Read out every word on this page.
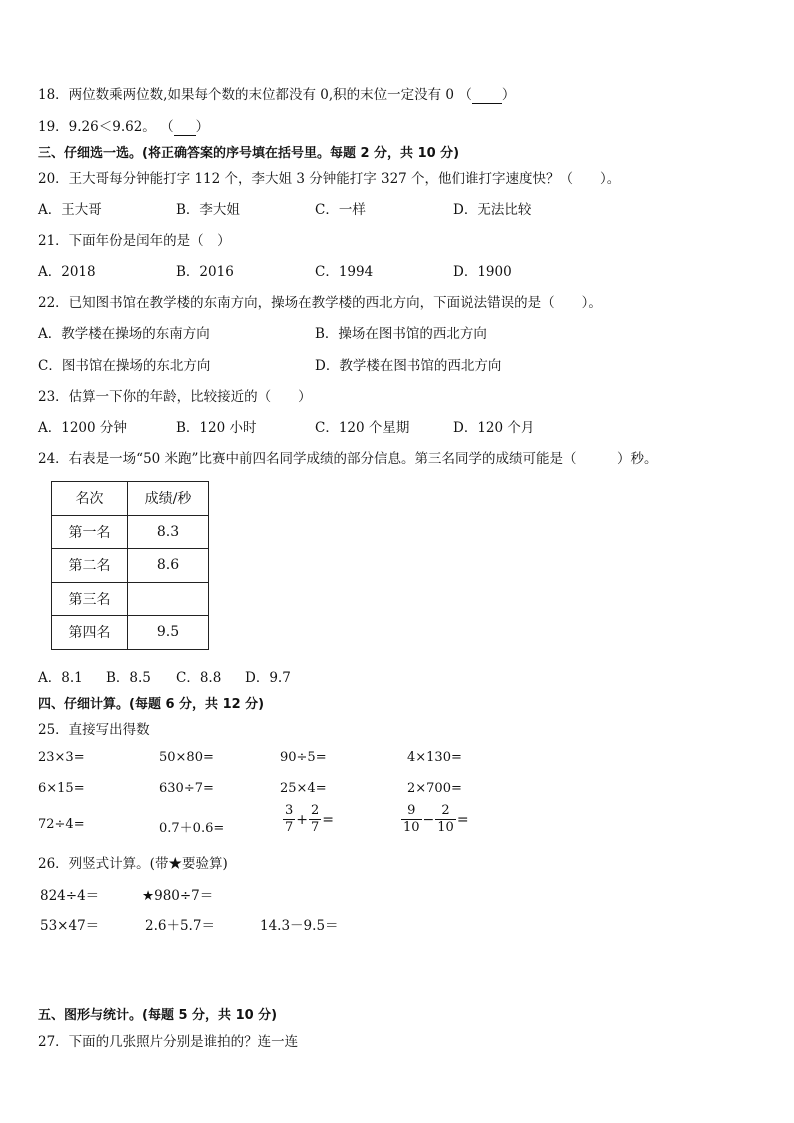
18．两位数乘两位数,如果每个数的末位都没有 0,积的末位一定没有 0 （ ）
19．9.26＜9.62。 （ ）
三、仔细选一选。(将正确答案的序号填在括号里。每题 2 分，共 10 分)
20．王大哥每分钟能打字 112 个，李大姐 3 分钟能打字 327 个，他们谁打字速度快？（　　）。
A．王大哥	B．李大姐	C．一样	D．无法比较
21．下面年份是闰年的是（　）
A．2018	B．2016	C．1994	D．1900
22．已知图书馆在教学楼的东南方向，操场在教学楼的西北方向，下面说法错误的是（　　）。
A．教学楼在操场的东南方向	B．操场在图书馆的西北方向
C．图书馆在操场的东北方向	D．教学楼在图书馆的西北方向
23．估算一下你的年龄，比较接近的（　　）
A．1200 分钟	B．120 小时	C．120 个星期	D．120 个月
24．右表是一场“50 米跑”比赛中前四名同学成绩的部分信息。第三名同学的成绩可能是（　　　）秒。
名次	成绩/秒
第一名	8.3
第二名	8.6
第三名	
第四名	9.5
A．8.1 B．8.5 C．8.8 D．9.7
四、仔细计算。(每题 6 分，共 12 分)
25．直接写出得数
23×3=	50×80=	90÷5=	4×130=
6×15=	630÷7=	25×4=	2×700=
72÷4=	0.7＋0.6=	$\frac{3}{7} + \frac{2}{7}$ =	$\frac{9}{10} - \frac{2}{10}$ =
26．列竖式计算。(带★要验算)
824÷4＝	★980÷7＝
53×47＝	2.6＋5.7＝	14.3－9.5＝
五、图形与统计。(每题 5 分，共 10 分)
27．下面的几张照片分别是谁拍的？连一连
